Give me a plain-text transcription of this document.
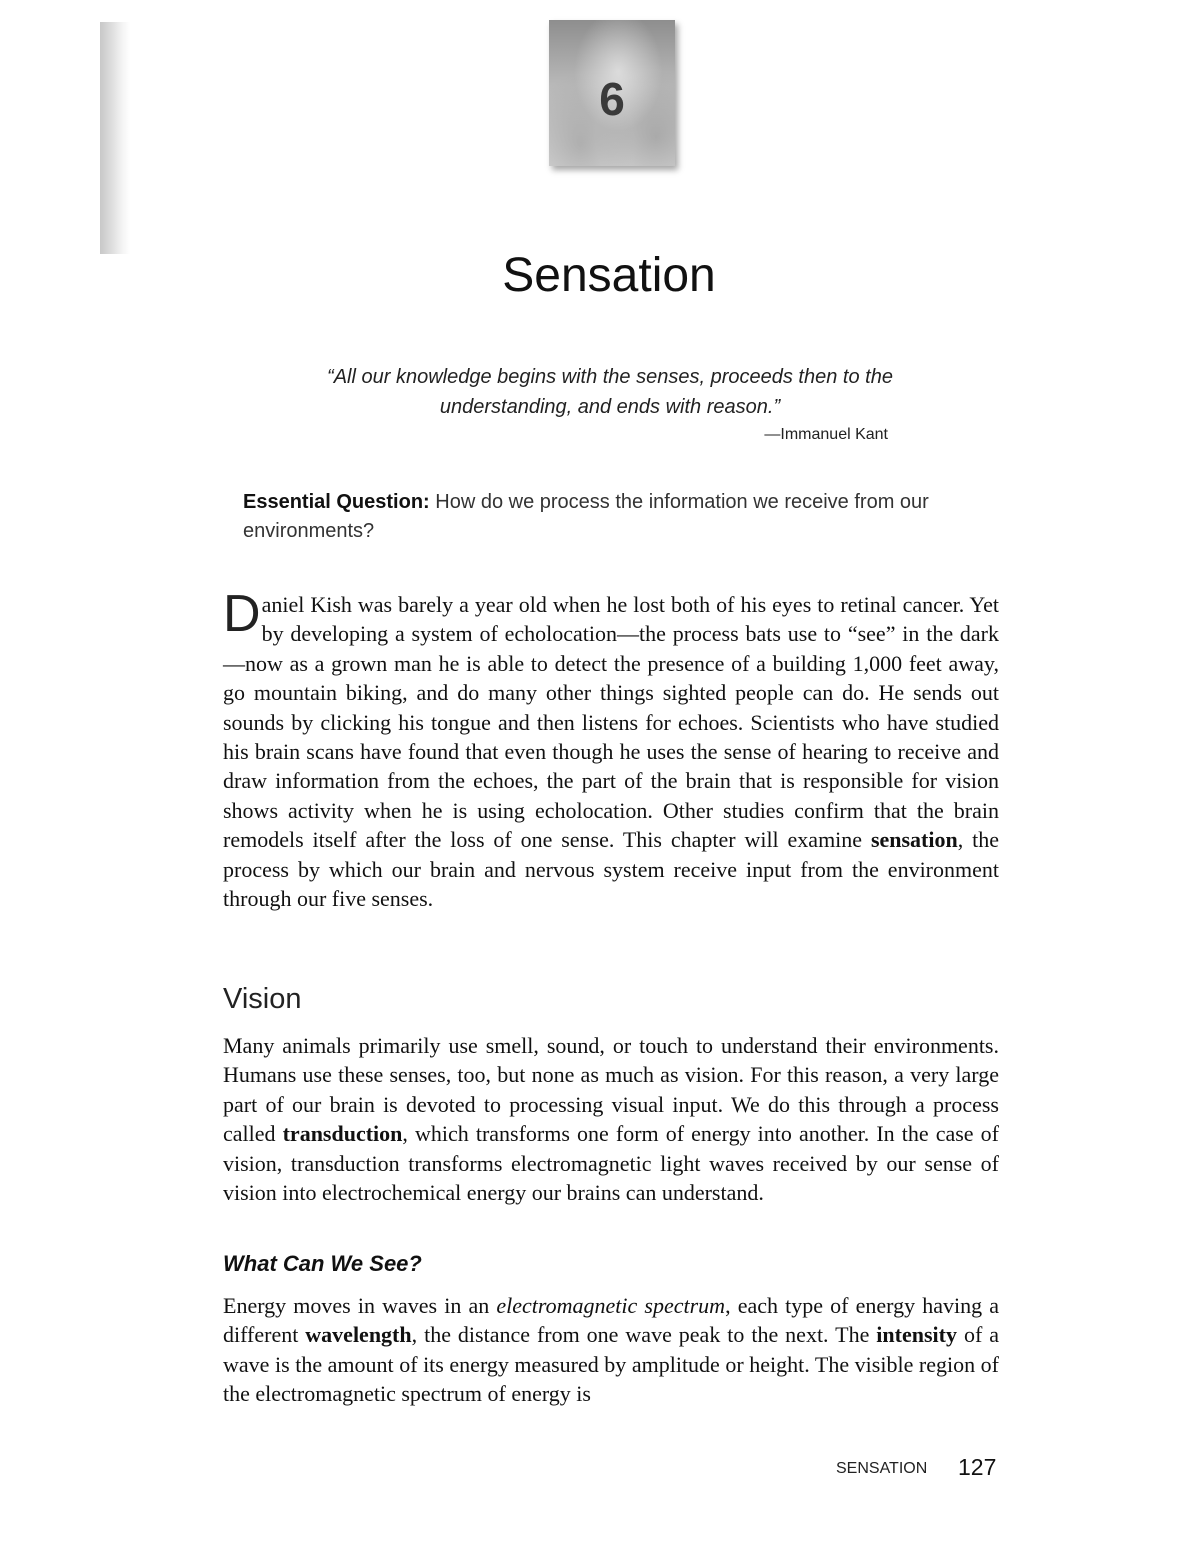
6
Sensation
“All our knowledge begins with the senses, proceeds then to the understanding, and ends with reason.”
—Immanuel Kant
Essential Question: How do we process the information we receive from our environments?

Daniel Kish was barely a year old when he lost both of his eyes to retinal cancer. Yet by developing a system of echolocation—the process bats use to “see” in the dark—now as a grown man he is able to detect the presence of a building 1,000 feet away, go mountain biking, and do many other things sighted people can do. He sends out sounds by clicking his tongue and then listens for echoes. Scientists who have studied his brain scans have found that even though he uses the sense of hearing to receive and draw information from the echoes, the part of the brain that is responsible for vision shows activity when he is using echolocation. Other studies confirm that the brain remodels itself after the loss of one sense. This chapter will examine sensation, the process by which our brain and nervous system receive input from the environment through our five senses.

Vision

Many animals primarily use smell, sound, or touch to understand their environments. Humans use these senses, too, but none as much as vision. For this reason, a very large part of our brain is devoted to processing visual input. We do this through a process called transduction, which transforms one form of energy into another. In the case of vision, transduction transforms electromagnetic light waves received by our sense of vision into electrochemical energy our brains can understand.

What Can We See?

Energy moves in waves in an electromagnetic spectrum, each type of energy having a different wavelength, the distance from one wave peak to the next. The intensity of a wave is the amount of its energy measured by amplitude or height. The visible region of the electromagnetic spectrum of energy is

SENSATION 127
